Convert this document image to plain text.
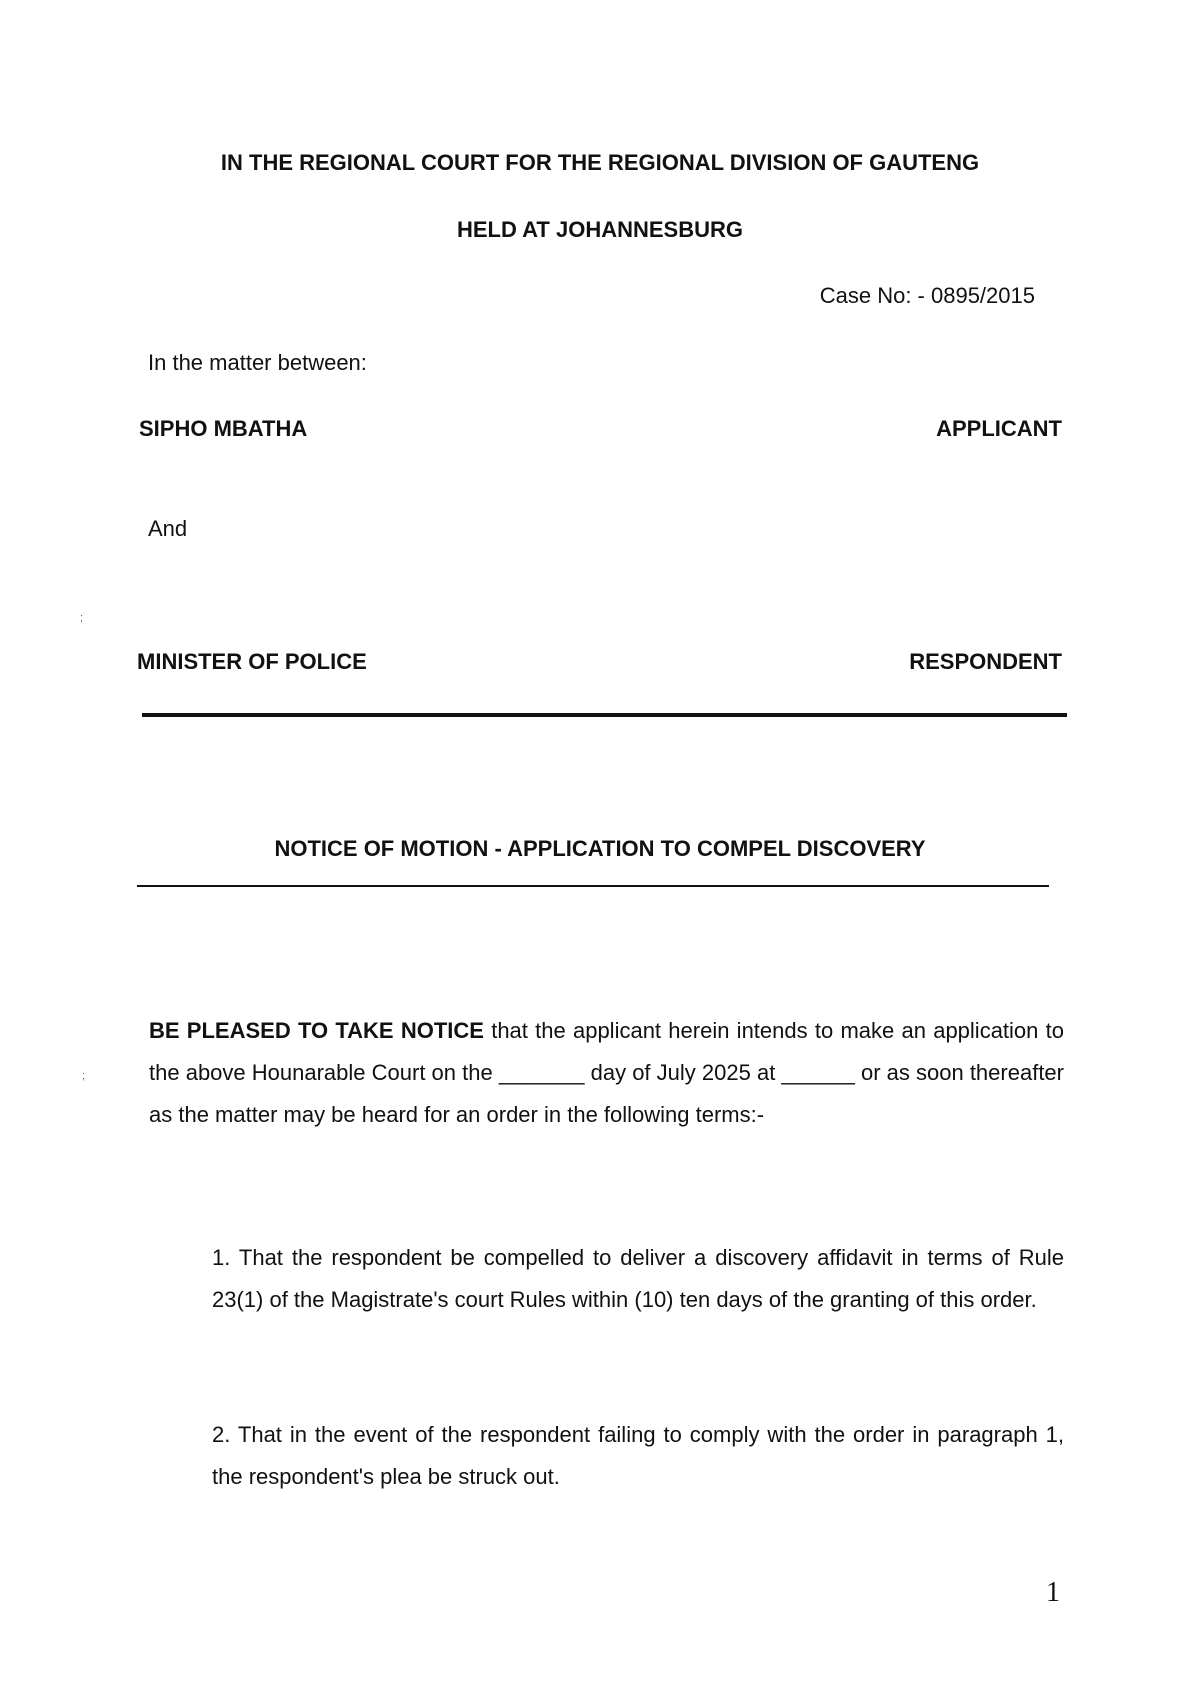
IN THE REGIONAL COURT FOR THE REGIONAL DIVISION OF GAUTENG
HELD AT JOHANNESBURG
Case No: - 0895/2015
In the matter between:
SIPHO MBATHA	APPLICANT
And
;
MINISTER OF POLICE	RESPONDENT
NOTICE OF MOTION - APPLICATION TO COMPEL DISCOVERY
;
BE PLEASED TO TAKE NOTICE that the applicant herein intends to make an application to the above Hounarable Court on the _______ day of July 2025 at ______ or as soon thereafter as the matter may be heard for an order in the following terms:-
1. That the respondent be compelled to deliver a discovery affidavit in terms of Rule 23(1) of the Magistrate's court Rules within (10) ten days of the granting of this order.
2. That in the event of the respondent failing to comply with the order in paragraph 1, the respondent's plea be struck out.
1
